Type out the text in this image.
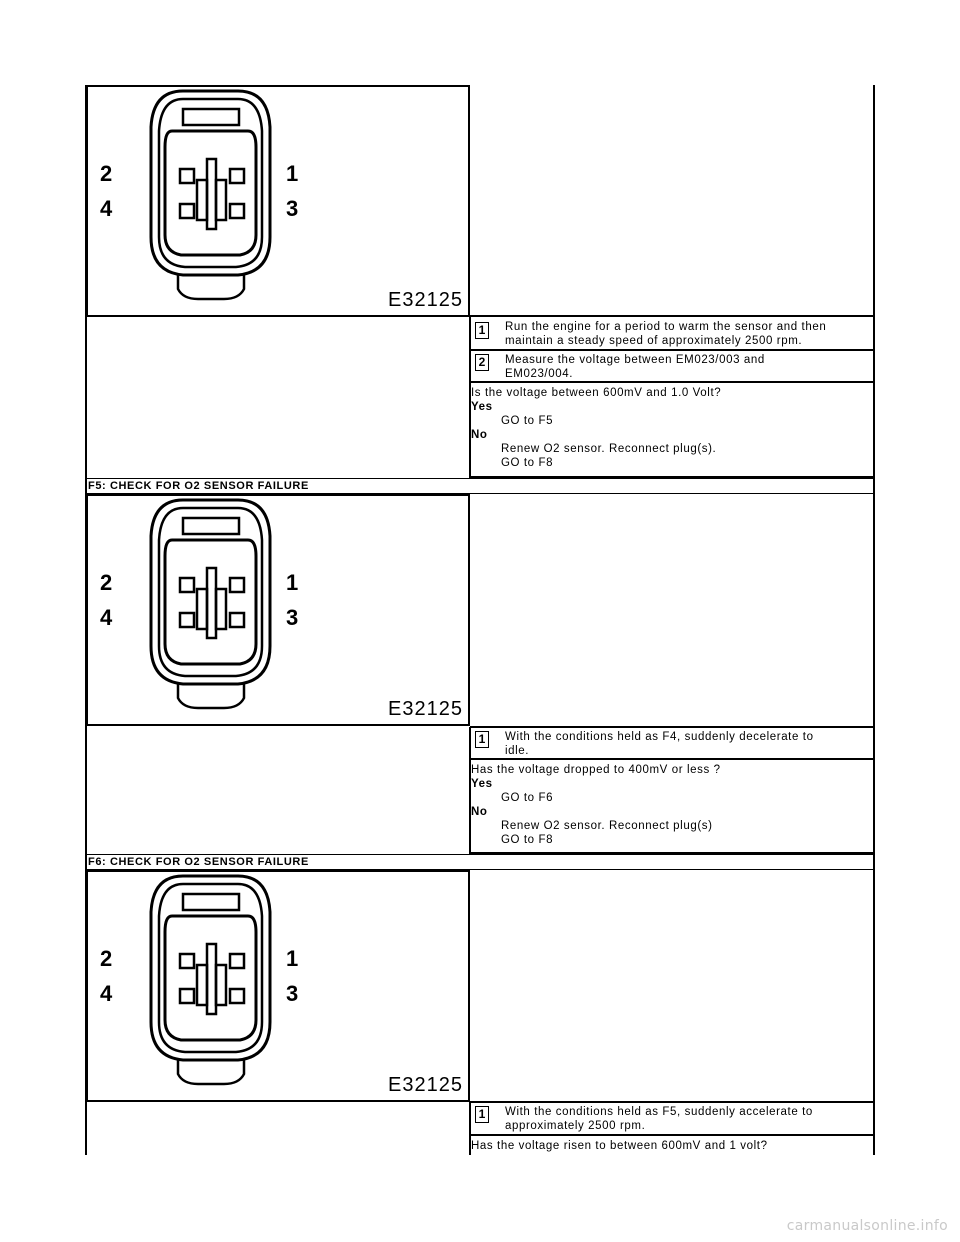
2
4
1
3
E32125
1	Run the engine for a period to warm the sensor and then
maintain a steady speed of approximately 2500 rpm.
2	Measure the voltage between EM023/003 and
EM023/004.
Is the voltage between 600mV and 1.0 Volt?
Yes
GO to F5
No
Renew O2 sensor. Reconnect plug(s).
GO to F8
F5: CHECK FOR O2 SENSOR FAILURE
2
4
1
3
E32125
1	With the conditions held as F4, suddenly decelerate to
idle.
Has the voltage dropped to 400mV or less ?
Yes
GO to F6
No
Renew O2 sensor. Reconnect plug(s)
GO to F8
F6: CHECK FOR O2 SENSOR FAILURE
2
4
1
3
E32125
1	With the conditions held as F5, suddenly accelerate to
approximately 2500 rpm.
Has the voltage risen to between 600mV and 1 volt?
carmanualsonline.info
